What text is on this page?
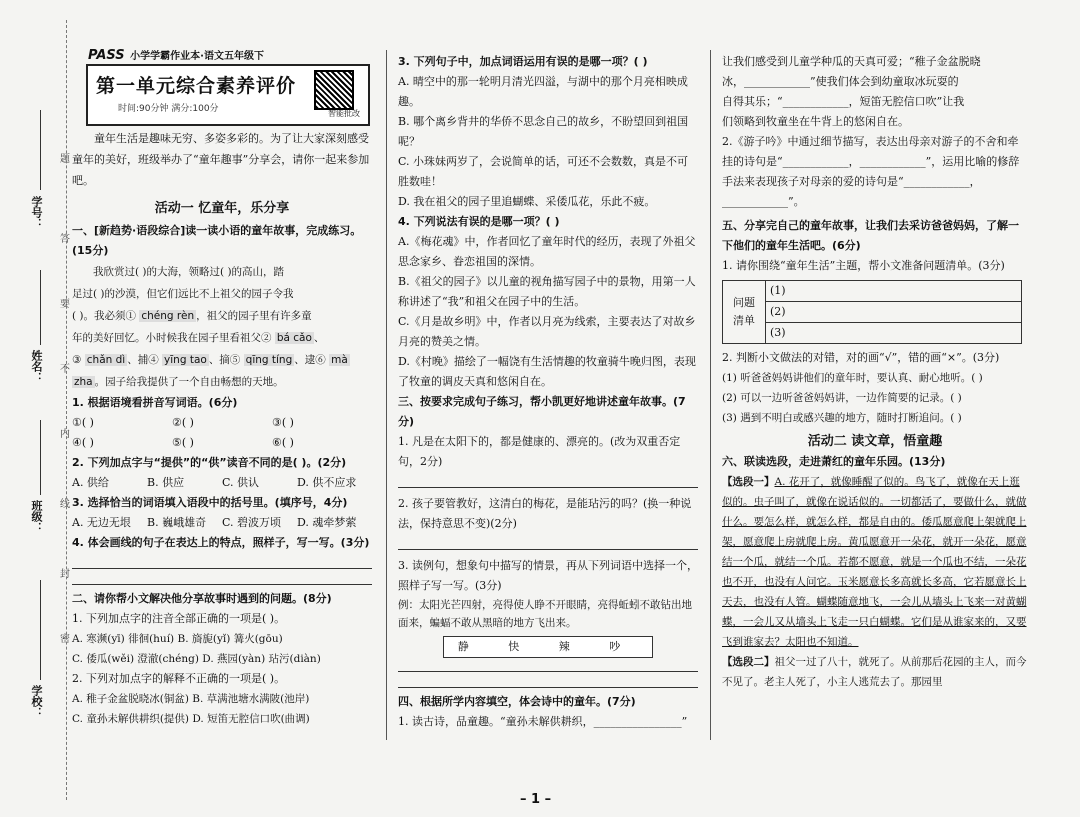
学号：
姓名：
班级：
学校：
题
答
要
不
内
线
封
密
PASS 小学学霸作业本·语文五年级下
第一单元综合素养评价
时间:90分钟 满分:100分	智能批改

童年生活是趣味无穷、多姿多彩的。为了让大家深刻感受童年的美好，班级举办了“童年趣事”分享会，请你一起来参加吧。

活动一 忆童年，乐分享

一、[新趋势·语段综合]读一读小语的童年故事，完成练习。(15分)

我欣赏过( )的大海，领略过( )的高山，踏

足过( )的沙漠，但它们远比不上祖父的园子令我

( )。我必须① chéng rèn ，祖父的园子里有许多童

年的美好回忆。小时候我在园子里看祖父② bá cǎo 、

③ chǎn dì 、捕④ yīng tao 、摘⑤ qīng tíng 、逮⑥ mà

zha 。园子给我提供了一个自由畅想的天地。

1. 根据语境看拼音写词语。(6分)

①( )	②( )	③( )
④( )	⑤( )	⑥( )

2. 下列加点字与“提供”的“供”读音不同的是( )。(2分)

A. 供给	B. 供应	C. 供认	D. 供不应求

3. 选择恰当的词语填入语段中的括号里。(填序号，4分)

A. 无边无垠	B. 巍峨雄奇	C. 碧波万顷	D. 魂牵梦萦

4. 体会画线的句子在表达上的特点，照样子，写一写。(3分)

二、请你帮小文解决他分享故事时遇到的问题。(8分)

1. 下列加点字的注音全部正确的一项是( )。

A. 寒濒(yī) 徘徊(huí) B. 旖旎(yǐ) 篝火(gōu)

C. 倭瓜(wěi) 澄澈(chéng) D. 燕园(yàn) 玷污(diàn)

2. 下列对加点字的解释不正确的一项是( )。

A. 稚子金盆脱晓冰(铜盆) B. 草满池塘水满陂(池岸)

C. 童孙未解供耕织(提供) D. 短笛无腔信口吹(曲调)

3. 下列句子中，加点词语运用有误的是哪一项？( )

A. 晴空中的那一轮明月清光四溢，与湖中的那个月亮相映成趣。

B. 哪个离乡背井的华侨不思念自己的故乡，不盼望回到祖国呢？

C. 小珠妹两岁了，会说简单的话，可还不会数数，真是不可胜数哇！

D. 我在祖父的园子里追蝴蝶、采倭瓜花，乐此不疲。

4. 下列说法有误的是哪一项？( )

A.《梅花魂》中，作者回忆了童年时代的经历，表现了外祖父思念家乡、眷恋祖国的深情。

B.《祖父的园子》以儿童的视角描写园子中的景物，用第一人称讲述了“我”和祖父在园子中的生活。

C.《月是故乡明》中，作者以月亮为线索，主要表达了对故乡月亮的赞美之情。

D.《村晚》描绘了一幅饶有生活情趣的牧童骑牛晚归图，表现了牧童的调皮天真和悠闲自在。

三、按要求完成句子练习，帮小凯更好地讲述童年故事。(7分)

1. 凡是在太阳下的，都是健康的、漂亮的。(改为双重否定句，2分)

2. 孩子要管教好，这清白的梅花，是能玷污的吗？(换一种说法，保持意思不变)(2分)

3. 读例句，想象句中描写的情景，再从下列词语中选择一个，照样子写一写。(3分)

例：太阳光芒四射，亮得使人睁不开眼睛，亮得蚯蚓不敢钻出地面来，蝙蝠不敢从黑暗的地方飞出来。

静 快 辣 吵

四、根据所学内容填空，体会诗中的童年。(7分)

1. 读古诗，品童趣。“童孙未解供耕织，________________”

让我们感受到儿童学种瓜的天真可爱；“稚子金盆脱晓

冰，____________”使我们体会到幼童取冰玩耍的

自得其乐；“____________，短笛无腔信口吹”让我

们领略到牧童坐在牛背上的悠闲自在。

2.《游子吟》中通过细节描写，表达出母亲对游子的不舍和牵挂的诗句是“____________，____________”，运用比喻的修辞手法来表现孩子对母亲的爱的诗句是“____________，____________”。

五、分享完自己的童年故事，让我们去采访爸爸妈妈，了解一下他们的童年生活吧。(6分)

1. 请你围绕“童年生活”主题，帮小文准备问题清单。(3分)

问题
清单	(1)
(2)
(3)

2. 判断小文做法的对错，对的画“√”，错的画“×”。(3分)

(1) 听爸爸妈妈讲他们的童年时，要认真、耐心地听。( )

(2) 可以一边听爸爸妈妈讲，一边作简要的记录。( )

(3) 遇到不明白或感兴趣的地方，随时打断追问。( )

活动二 读文章，悟童趣

六、联读选段，走进萧红的童年乐园。(13分)

【选段一】A. 花开了，就像睡醒了似的。鸟飞了，就像在天上逛似的。虫子叫了，就像在说话似的。一切都活了，要做什么，就做什么。要怎么样，就怎么样，都是自由的。倭瓜愿意爬上架就爬上架，愿意爬上房就爬上房。黄瓜愿意开一朵花，就开一朵花，愿意结一个瓜，就结一个瓜。若都不愿意，就是一个瓜也不结，一朵花也不开，也没有人问它。玉米愿意长多高就长多高，它若愿意长上天去，也没有人管。蝴蝶随意地飞，一会儿从墙头上飞来一对黄蝴蝶，一会儿又从墙头上飞走一只白蝴蝶。它们是从谁家来的，又要飞到谁家去？太阳也不知道。

【选段二】祖父一过了八十，就死了。从前那后花园的主人，而今不见了。老主人死了，小主人逃荒去了。那园里

– 1 –
